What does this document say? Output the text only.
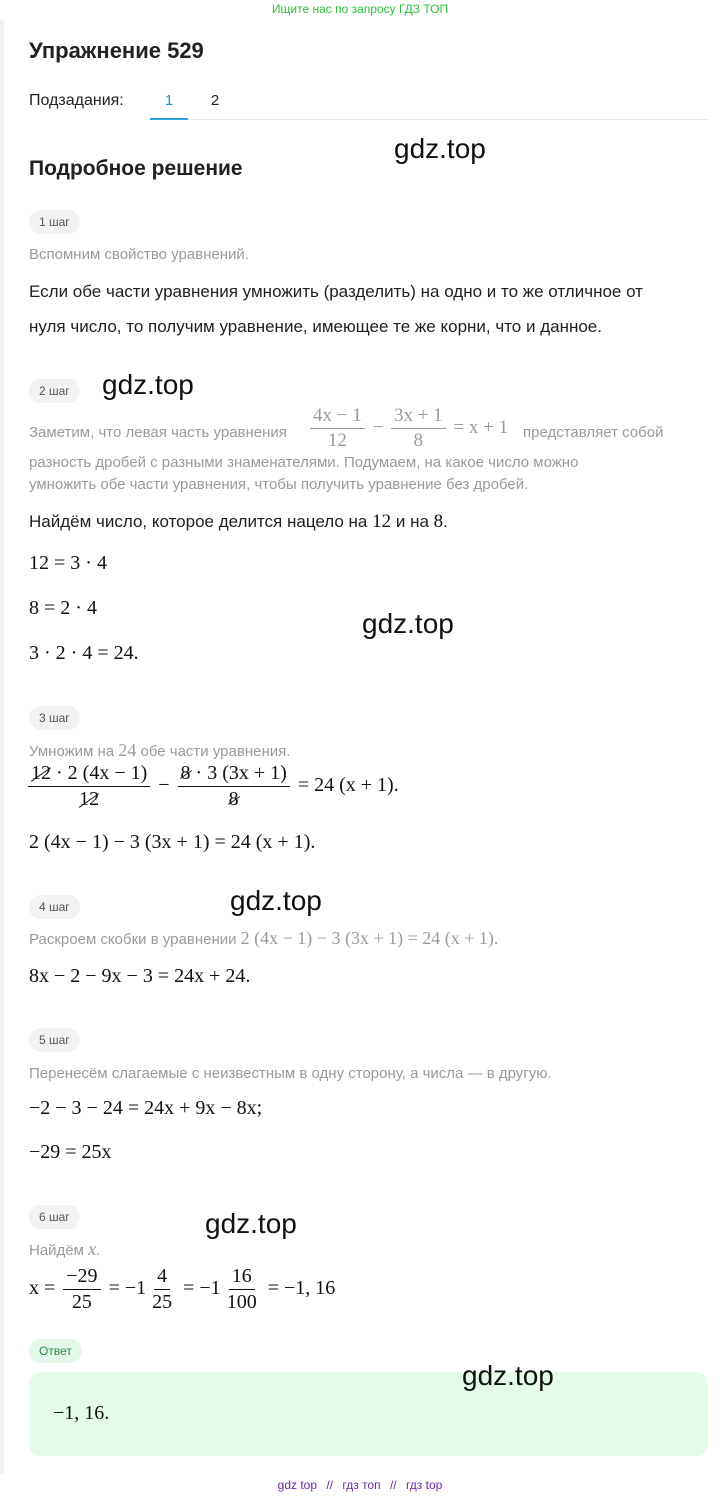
Ищите нас по запросу ГДЗ ТОП
Упражнение 529
Подзадания:	1	2
Подробное решение
gdz.top
1 шаг
Вспомним свойство уравнений.
Если обе части уравнения умножить (разделить) на одно и то же отличное от
нуля число, то получим уравнение, имеющее те же корни, что и данное.
2 шаг	gdz.top
Заметим, что левая часть уравнения $\frac{4x - 1}{12} - \frac{3x + 1}{8} = x + 1$ представляет собой
разность дробей с разными знаменателями. Подумаем, на какое число можно
умножить обе части уравнения, чтобы получить уравнение без дробей.
Найдём число, которое делится нацело на 12 и на 8.
12 = 3 · 4
8 = 2 · 4
3 · 2 · 4 = 24.
gdz.top
3 шаг
Умножим на 24 обе части уравнения.
$\frac{12 \cdot 2 (4x - 1)}{12} - \frac{8 \cdot 3 (3x + 1)}{8} = 24$ (x + 1).
2 (4x − 1) − 3 (3x + 1) = 24 (x + 1).
4 шаг	gdz.top
Раскроем скобки в уравнении 2 (4x − 1) − 3 (3x + 1) = 24 (x + 1).
8x − 2 − 9x − 3 = 24x + 24.
5 шаг
Перенесём слагаемые с неизвестным в одну сторону, а числа — в другую.
−2 − 3 − 24 = 24x + 9x − 8x;
−29 = 25x
6 шаг	gdz.top
Найдём x.
$x = \frac{-29}{25} = -1 \frac{4}{25} = -1 \frac{16}{100} = -1$, 16
Ответ
−1, 16.
gdz.top
gdz top // гдз топ // гдз top
